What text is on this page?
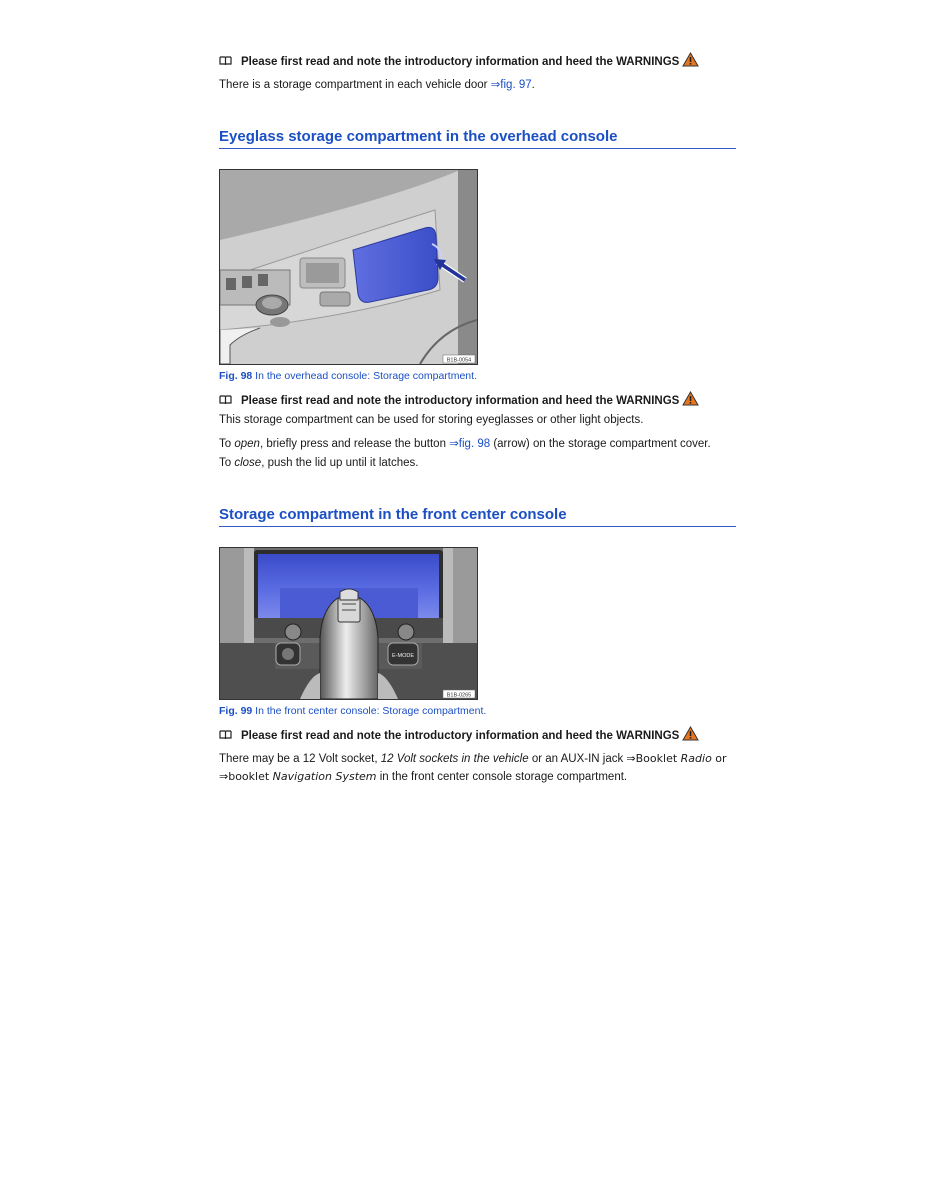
Please first read and note the introductory information and heed the WARNINGS
There is a storage compartment in each vehicle door ⇒fig. 97.
Eyeglass storage compartment in the overhead console
B1B-0054
Fig. 98 In the overhead console: Storage compartment.
Please first read and note the introductory information and heed the WARNINGS
This storage compartment can be used for storing eyeglasses or other light objects.
To open, briefly press and release the button ⇒fig. 98 (arrow) on the storage compartment cover.
To close, push the lid up until it latches.
Storage compartment in the front center console
E-MODE
B1B-0265
Fig. 99 In the front center console: Storage compartment.
Please first read and note the introductory information and heed the WARNINGS
There may be a 12 Volt socket, 12 Volt sockets in the vehicle or an AUX-IN jack ⇒Booklet Radio or
⇒booklet Navigation System in the front center console storage compartment.
